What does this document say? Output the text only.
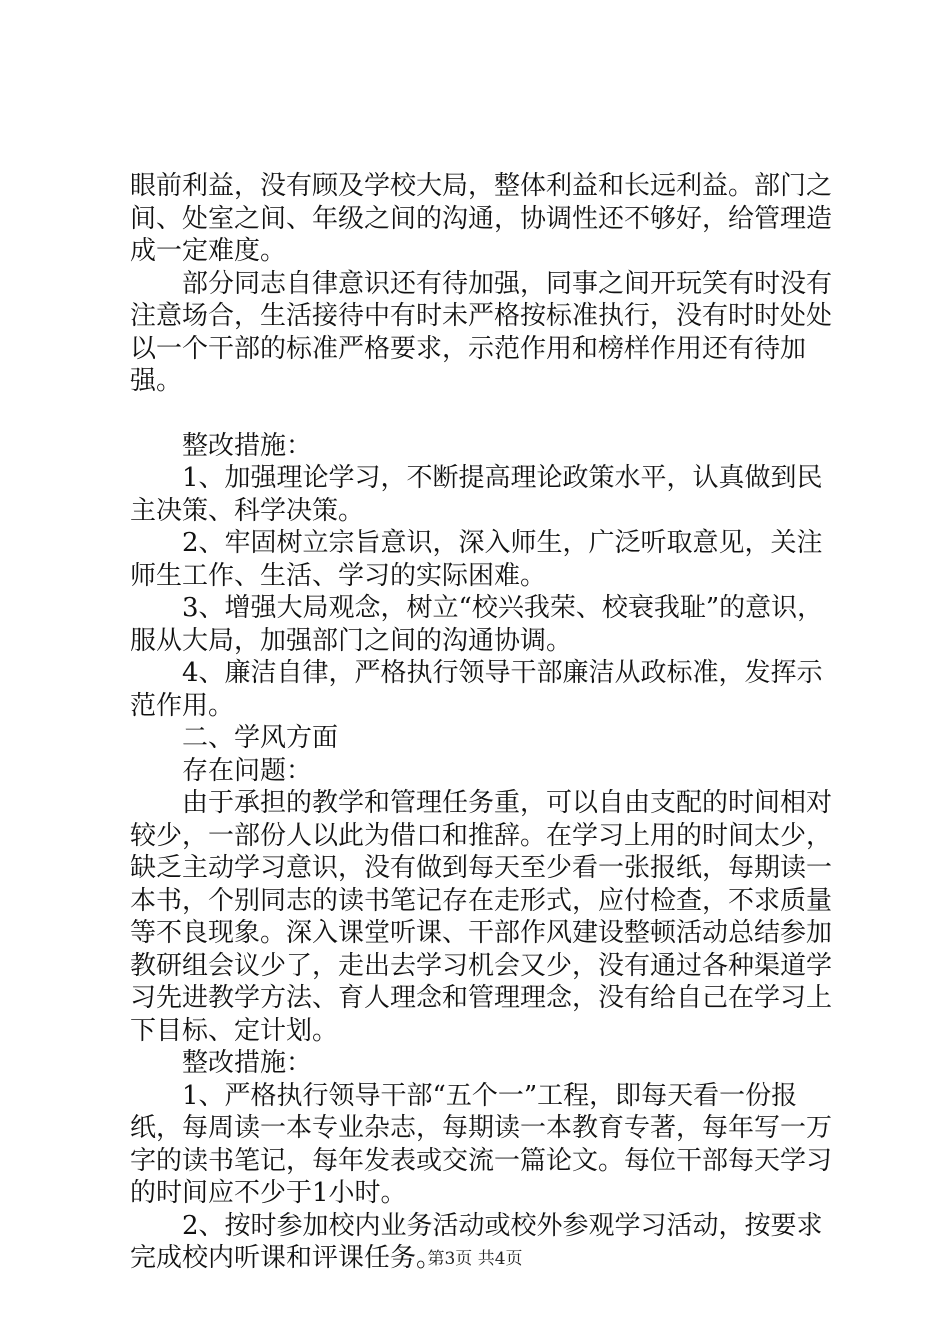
眼前利益，没有顾及学校大局，整体利益和长远利益。部门之间、处室之间、年级之间的沟通，协调性还不够好，给管理造成一定难度。

部分同志自律意识还有待加强，同事之间开玩笑有时没有注意场合，生活接待中有时未严格按标准执行，没有时时处处以一个干部的标准严格要求，示范作用和榜样作用还有待加强。

整改措施：

1、加强理论学习，不断提高理论政策水平，认真做到民主决策、科学决策。

2、牢固树立宗旨意识，深入师生，广泛听取意见，关注师生工作、生活、学习的实际困难。

3、增强大局观念，树立“校兴我荣、校衰我耻”的意识，服从大局，加强部门之间的沟通协调。

4、廉洁自律，严格执行领导干部廉洁从政标准，发挥示范作用。

二、学风方面

存在问题：

由于承担的教学和管理任务重，可以自由支配的时间相对较少，一部份人以此为借口和推辞。在学习上用的时间太少，缺乏主动学习意识，没有做到每天至少看一张报纸，每期读一本书，个别同志的读书笔记存在走形式，应付检查，不求质量等不良现象。深入课堂听课、干部作风建设整顿活动总结参加教研组会议少了，走出去学习机会又少，没有通过各种渠道学习先进教学方法、育人理念和管理理念，没有给自己在学习上下目标、定计划。

整改措施：

1、严格执行领导干部“五个一”工程，即每天看一份报纸，每周读一本专业杂志，每期读一本教育专著，每年写一万字的读书笔记，每年发表或交流一篇论文。每位干部每天学习的时间应不少于1小时。

2、按时参加校内业务活动或校外参观学习活动，按要求完成校内听课和评课任务。

第3页 共4页
